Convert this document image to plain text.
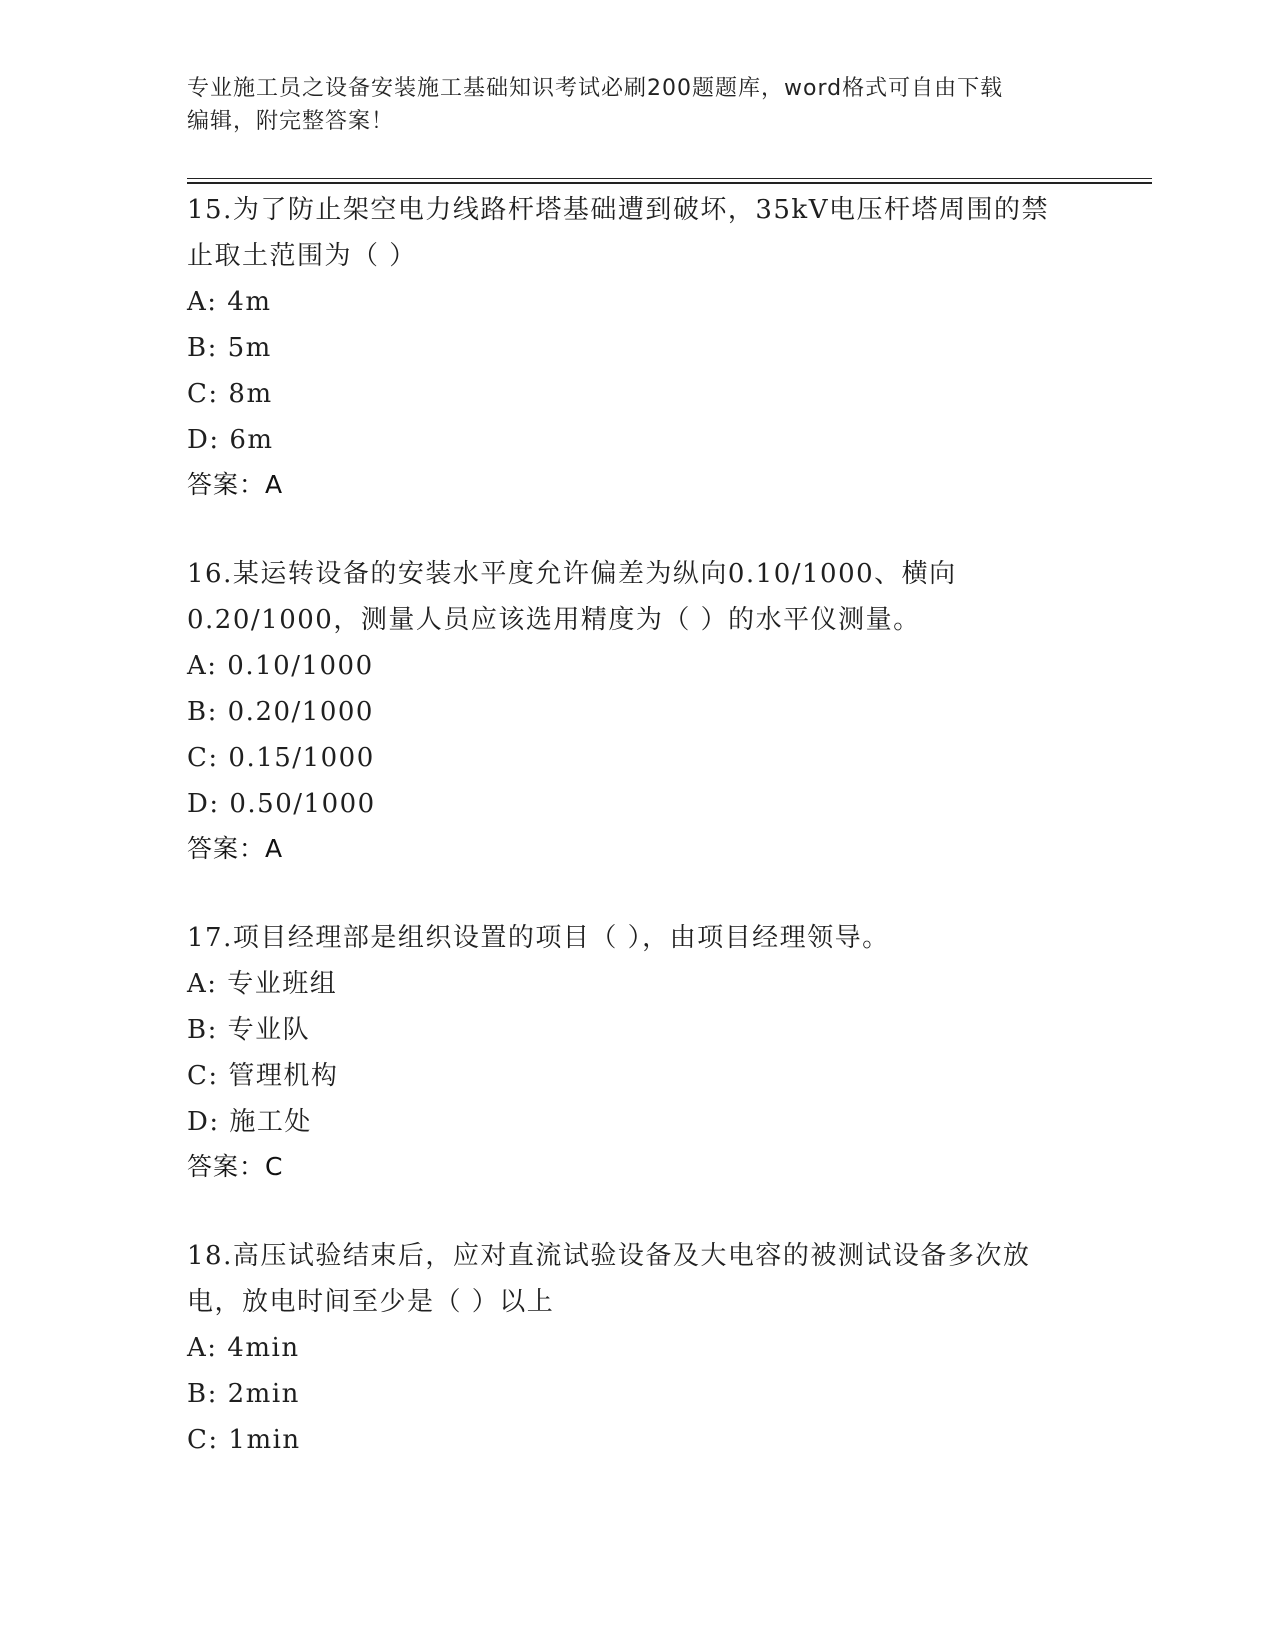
专业施工员之设备安装施工基础知识考试必刷200题题库，word格式可自由下载
编辑，附完整答案！
15.为了防止架空电力线路杆塔基础遭到破坏，35kV电压杆塔周围的禁
止取土范围为（ ）
A: 4m
B: 5m
C: 8m
D: 6m
答案：A
16.某运转设备的安装水平度允许偏差为纵向0.10/1000、横向
0.20/1000，测量人员应该选用精度为（ ）的水平仪测量。
A: 0.10/1000
B: 0.20/1000
C: 0.15/1000
D: 0.50/1000
答案：A
17.项目经理部是组织设置的项目（ ），由项目经理领导。
A: 专业班组
B: 专业队
C: 管理机构
D: 施工处
答案：C
18.高压试验结束后，应对直流试验设备及大电容的被测试设备多次放
电，放电时间至少是（ ）以上
A: 4min
B: 2min
C: 1min
